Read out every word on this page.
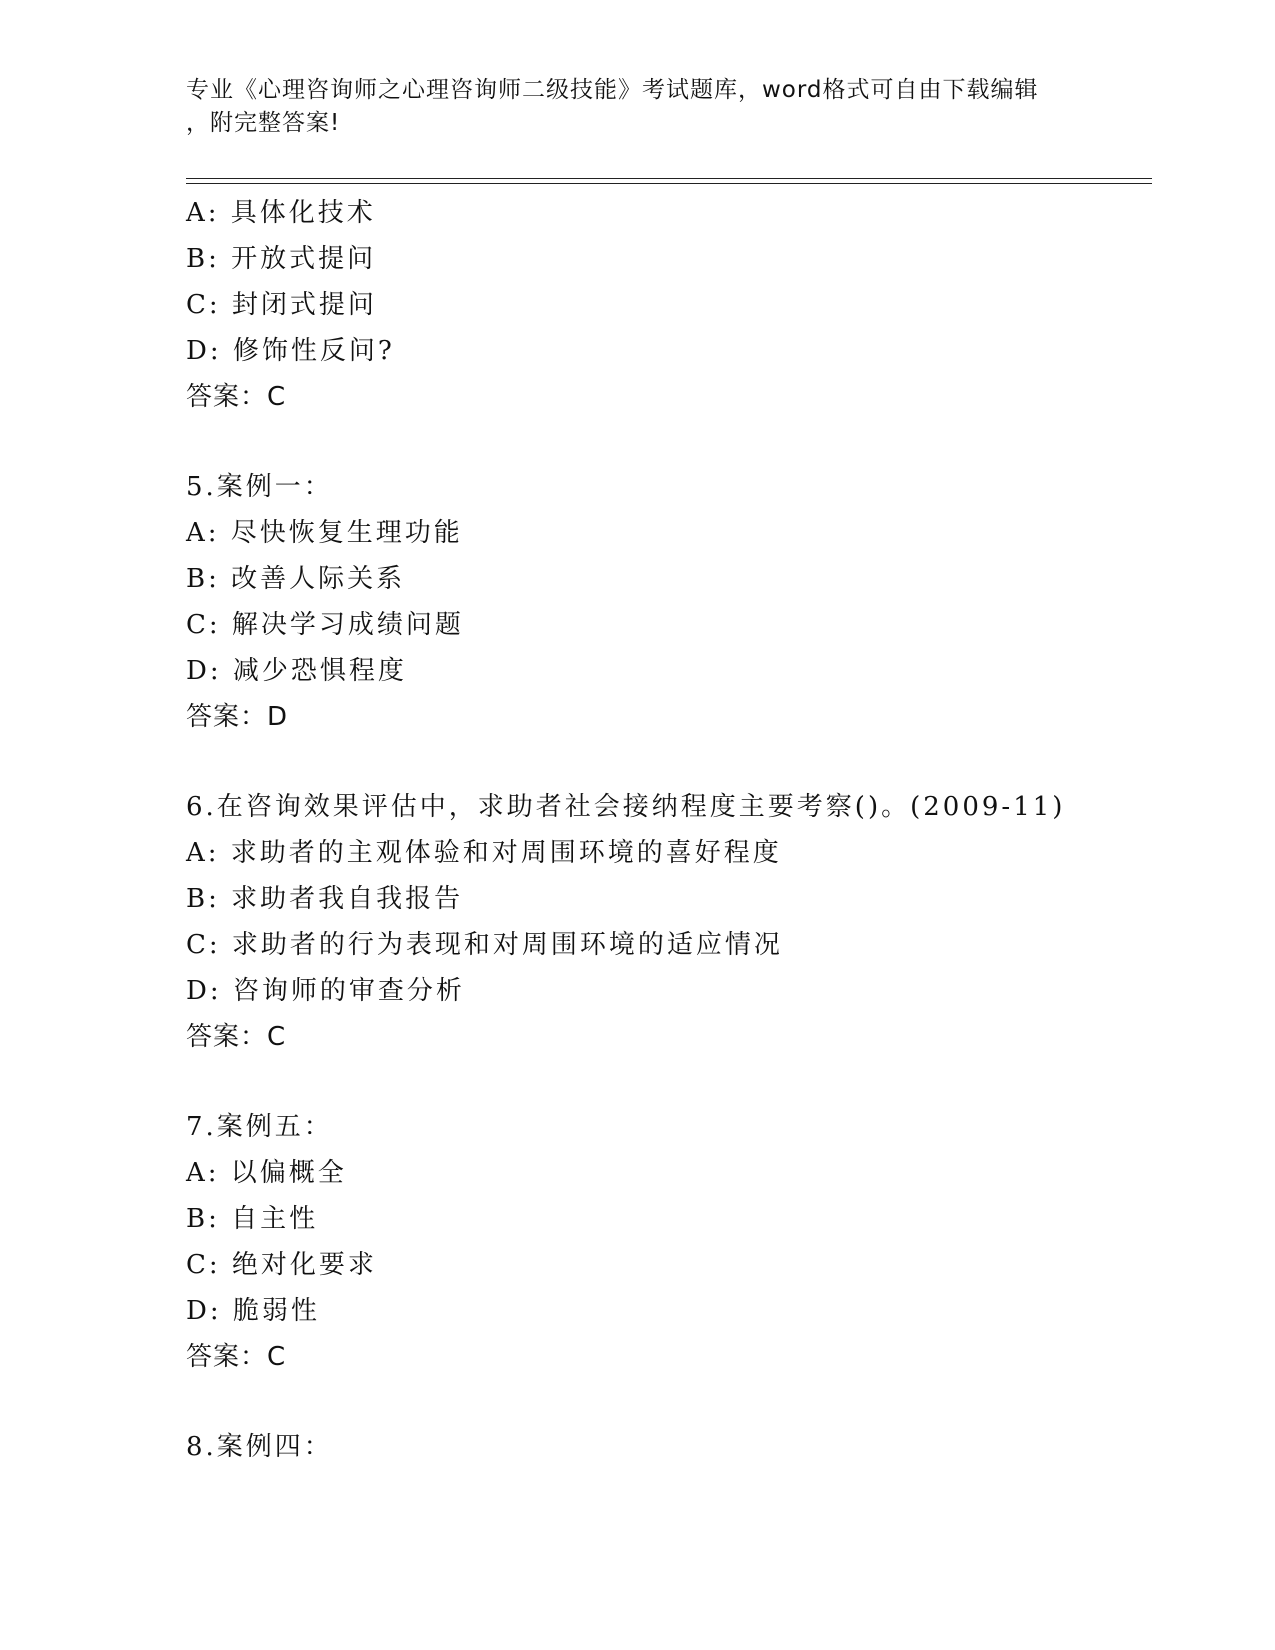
专业《心理咨询师之心理咨询师二级技能》考试题库，word格式可自由下载编辑
，附完整答案!
A: 具体化技术
B: 开放式提问
C: 封闭式提问
D: 修饰性反问?
答案：C
5.案例一：
A: 尽快恢复生理功能
B: 改善人际关系
C: 解决学习成绩问题
D: 减少恐惧程度
答案：D
6.在咨询效果评估中，求助者社会接纳程度主要考察()。(2009-11)
A: 求助者的主观体验和对周围环境的喜好程度
B: 求助者我自我报告
C: 求助者的行为表现和对周围环境的适应情况
D: 咨询师的审查分析
答案：C
7.案例五：
A: 以偏概全
B: 自主性
C: 绝对化要求
D: 脆弱性
答案：C
8.案例四：
